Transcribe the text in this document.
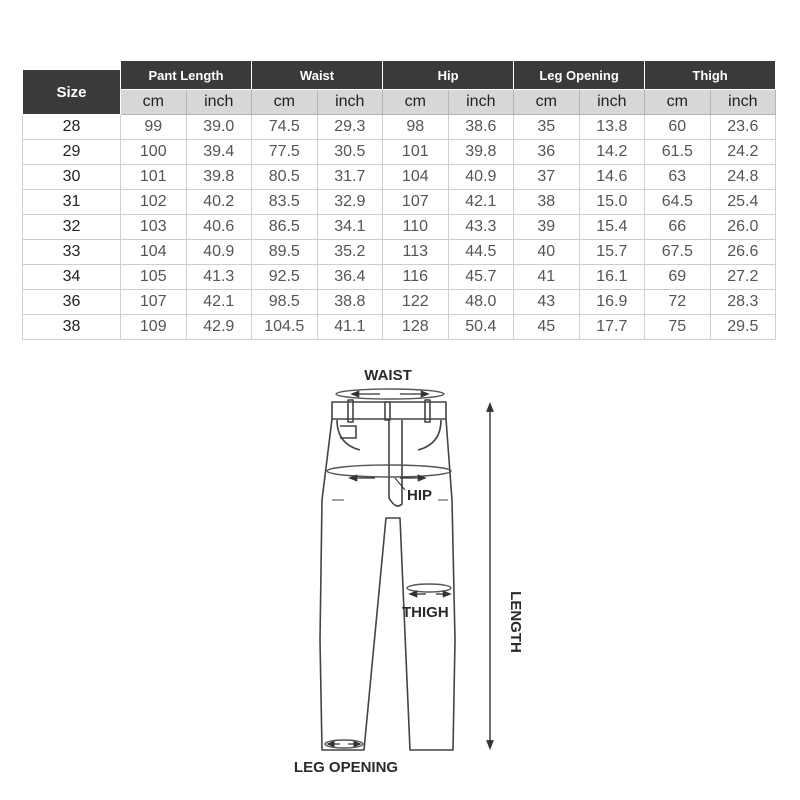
Size	Pant Length		Waist		Hip		Leg Opening		Thigh	
	cm	inch	cm	inch	cm	inch	cm	inch	cm	inch
28	99	39.0	74.5	29.3	98	38.6	35	13.8	60	23.6
29	100	39.4	77.5	30.5	101	39.8	36	14.2	61.5	24.2
30	101	39.8	80.5	31.7	104	40.9	37	14.6	63	24.8
31	102	40.2	83.5	32.9	107	42.1	38	15.0	64.5	25.4
32	103	40.6	86.5	34.1	110	43.3	39	15.4	66	26.0
33	104	40.9	89.5	35.2	113	44.5	40	15.7	67.5	26.6
34	105	41.3	92.5	36.4	116	45.7	41	16.1	69	27.2
36	107	42.1	98.5	38.8	122	48.0	43	16.9	72	28.3
38	109	42.9	104.5	41.1	128	50.4	45	17.7	75	29.5
WAIST
HIP
THIGH
LEG OPENING
LENGTH
